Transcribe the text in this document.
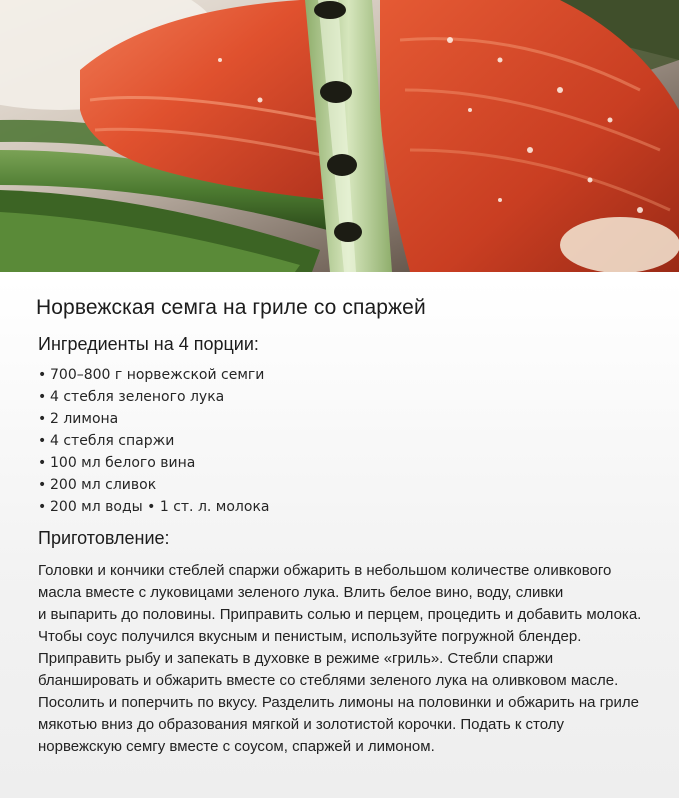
Норвежская семга на гриле со спаржей
Ингредиенты на 4 порции:
• 700–800 г норвежской семги
• 4 стебля зеленого лука
• 2 лимона
• 4 стебля спаржи
• 100 мл белого вина
• 200 мл сливок
• 200 мл воды • 1 ст. л. молока
Приготовление:

Головки и кончики стеблей спаржи обжарить в небольшом количестве оливкового
масла вместе с луковицами зеленого лука. Влить белое вино, воду, сливки
и выпарить до половины. Приправить солью и перцем, процедить и добавить молока.
Чтобы соус получился вкусным и пенистым, используйте погружной блендер.
Приправить рыбу и запекать в духовке в режиме «гриль». Стебли спаржи
бланшировать и обжарить вместе со стеблями зеленого лука на оливковом масле.
Посолить и поперчить по вкусу. Разделить лимоны на половинки и обжарить на гриле
мякотью вниз до образования мягкой и золотистой корочки. Подать к столу
норвежскую семгу вместе с соусом, спаржей и лимоном.
